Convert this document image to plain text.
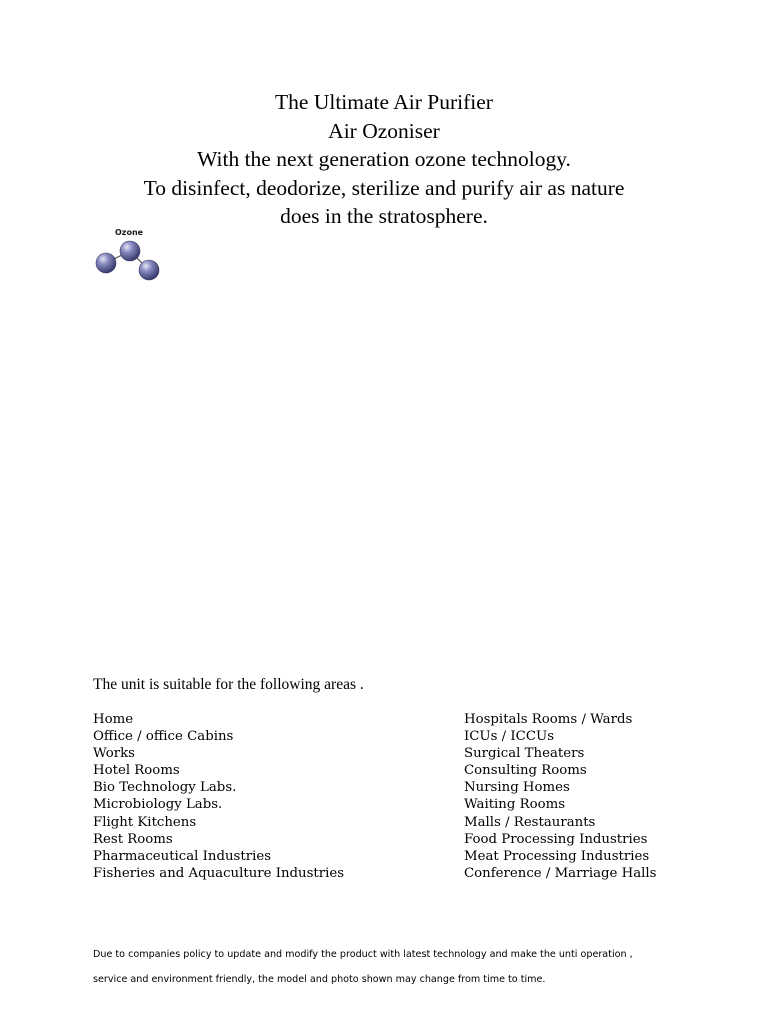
The Ultimate Air Purifier
Air Ozoniser
With the next generation ozone technology.
To disinfect, deodorize, sterilize and purify air as nature
does in the stratosphere.
Ozone
The unit is suitable for the following areas .
Home
Office / office Cabins
Works
Hotel Rooms
Bio Technology Labs.
Microbiology Labs.
Flight Kitchens
Rest Rooms
Pharmaceutical Industries
Fisheries and Aquaculture Industries
Hospitals Rooms / Wards
ICUs / ICCUs
Surgical Theaters
Consulting Rooms
Nursing Homes
Waiting Rooms
Malls / Restaurants
Food Processing Industries
Meat Processing Industries
Conference / Marriage Halls

Due to companies policy to update and modify the product with latest technology and make the unti operation ,

service and environment friendly, the model and photo shown may change from time to time.
